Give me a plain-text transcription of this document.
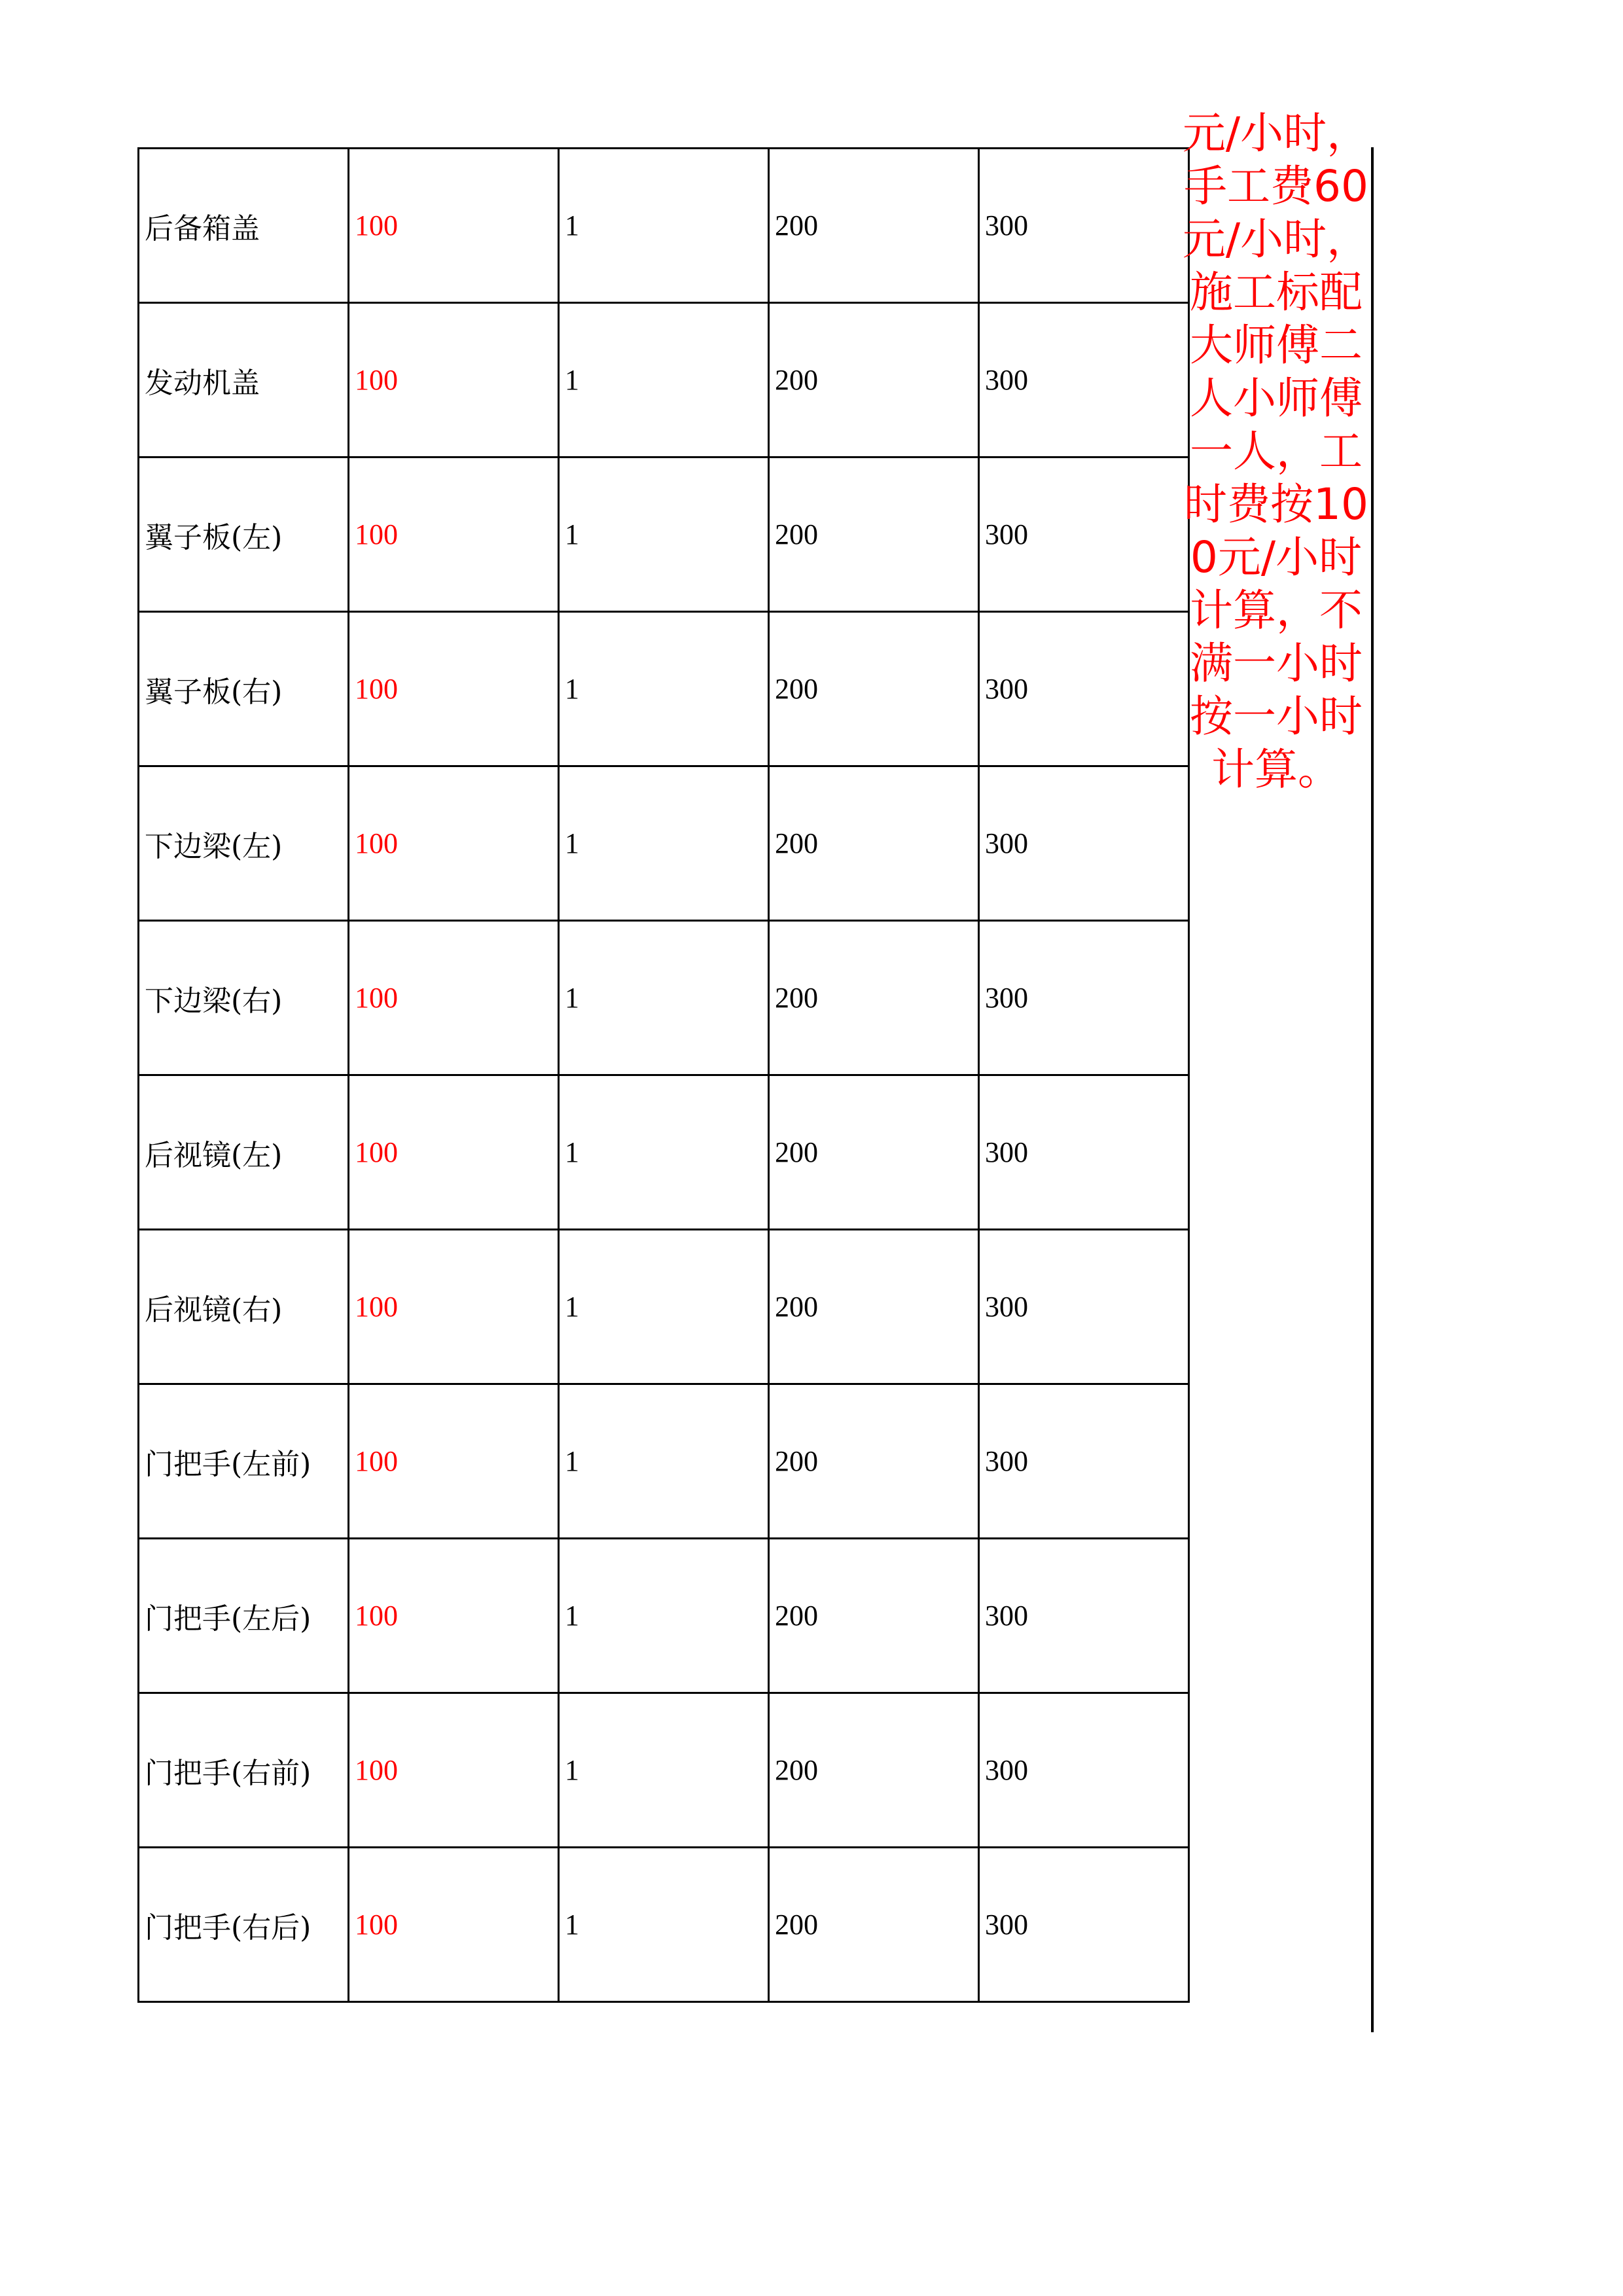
后备箱盖	100	1	200	300
发动机盖	100	1	200	300
翼子板(左)	100	1	200	300
翼子板(右)	100	1	200	300
下边梁(左)	100	1	200	300
下边梁(右)	100	1	200	300
后视镜(左)	100	1	200	300
后视镜(右)	100	1	200	300
门把手(左前)	100	1	200	300
门把手(左后)	100	1	200	300
门把手(右前)	100	1	200	300
门把手(右后)	100	1	200	300
元/小时，手工费60元/小时，施工标配大师傅二人小师傅一人，工时费按100元/小时计算，不满一小时按一小时计算。
